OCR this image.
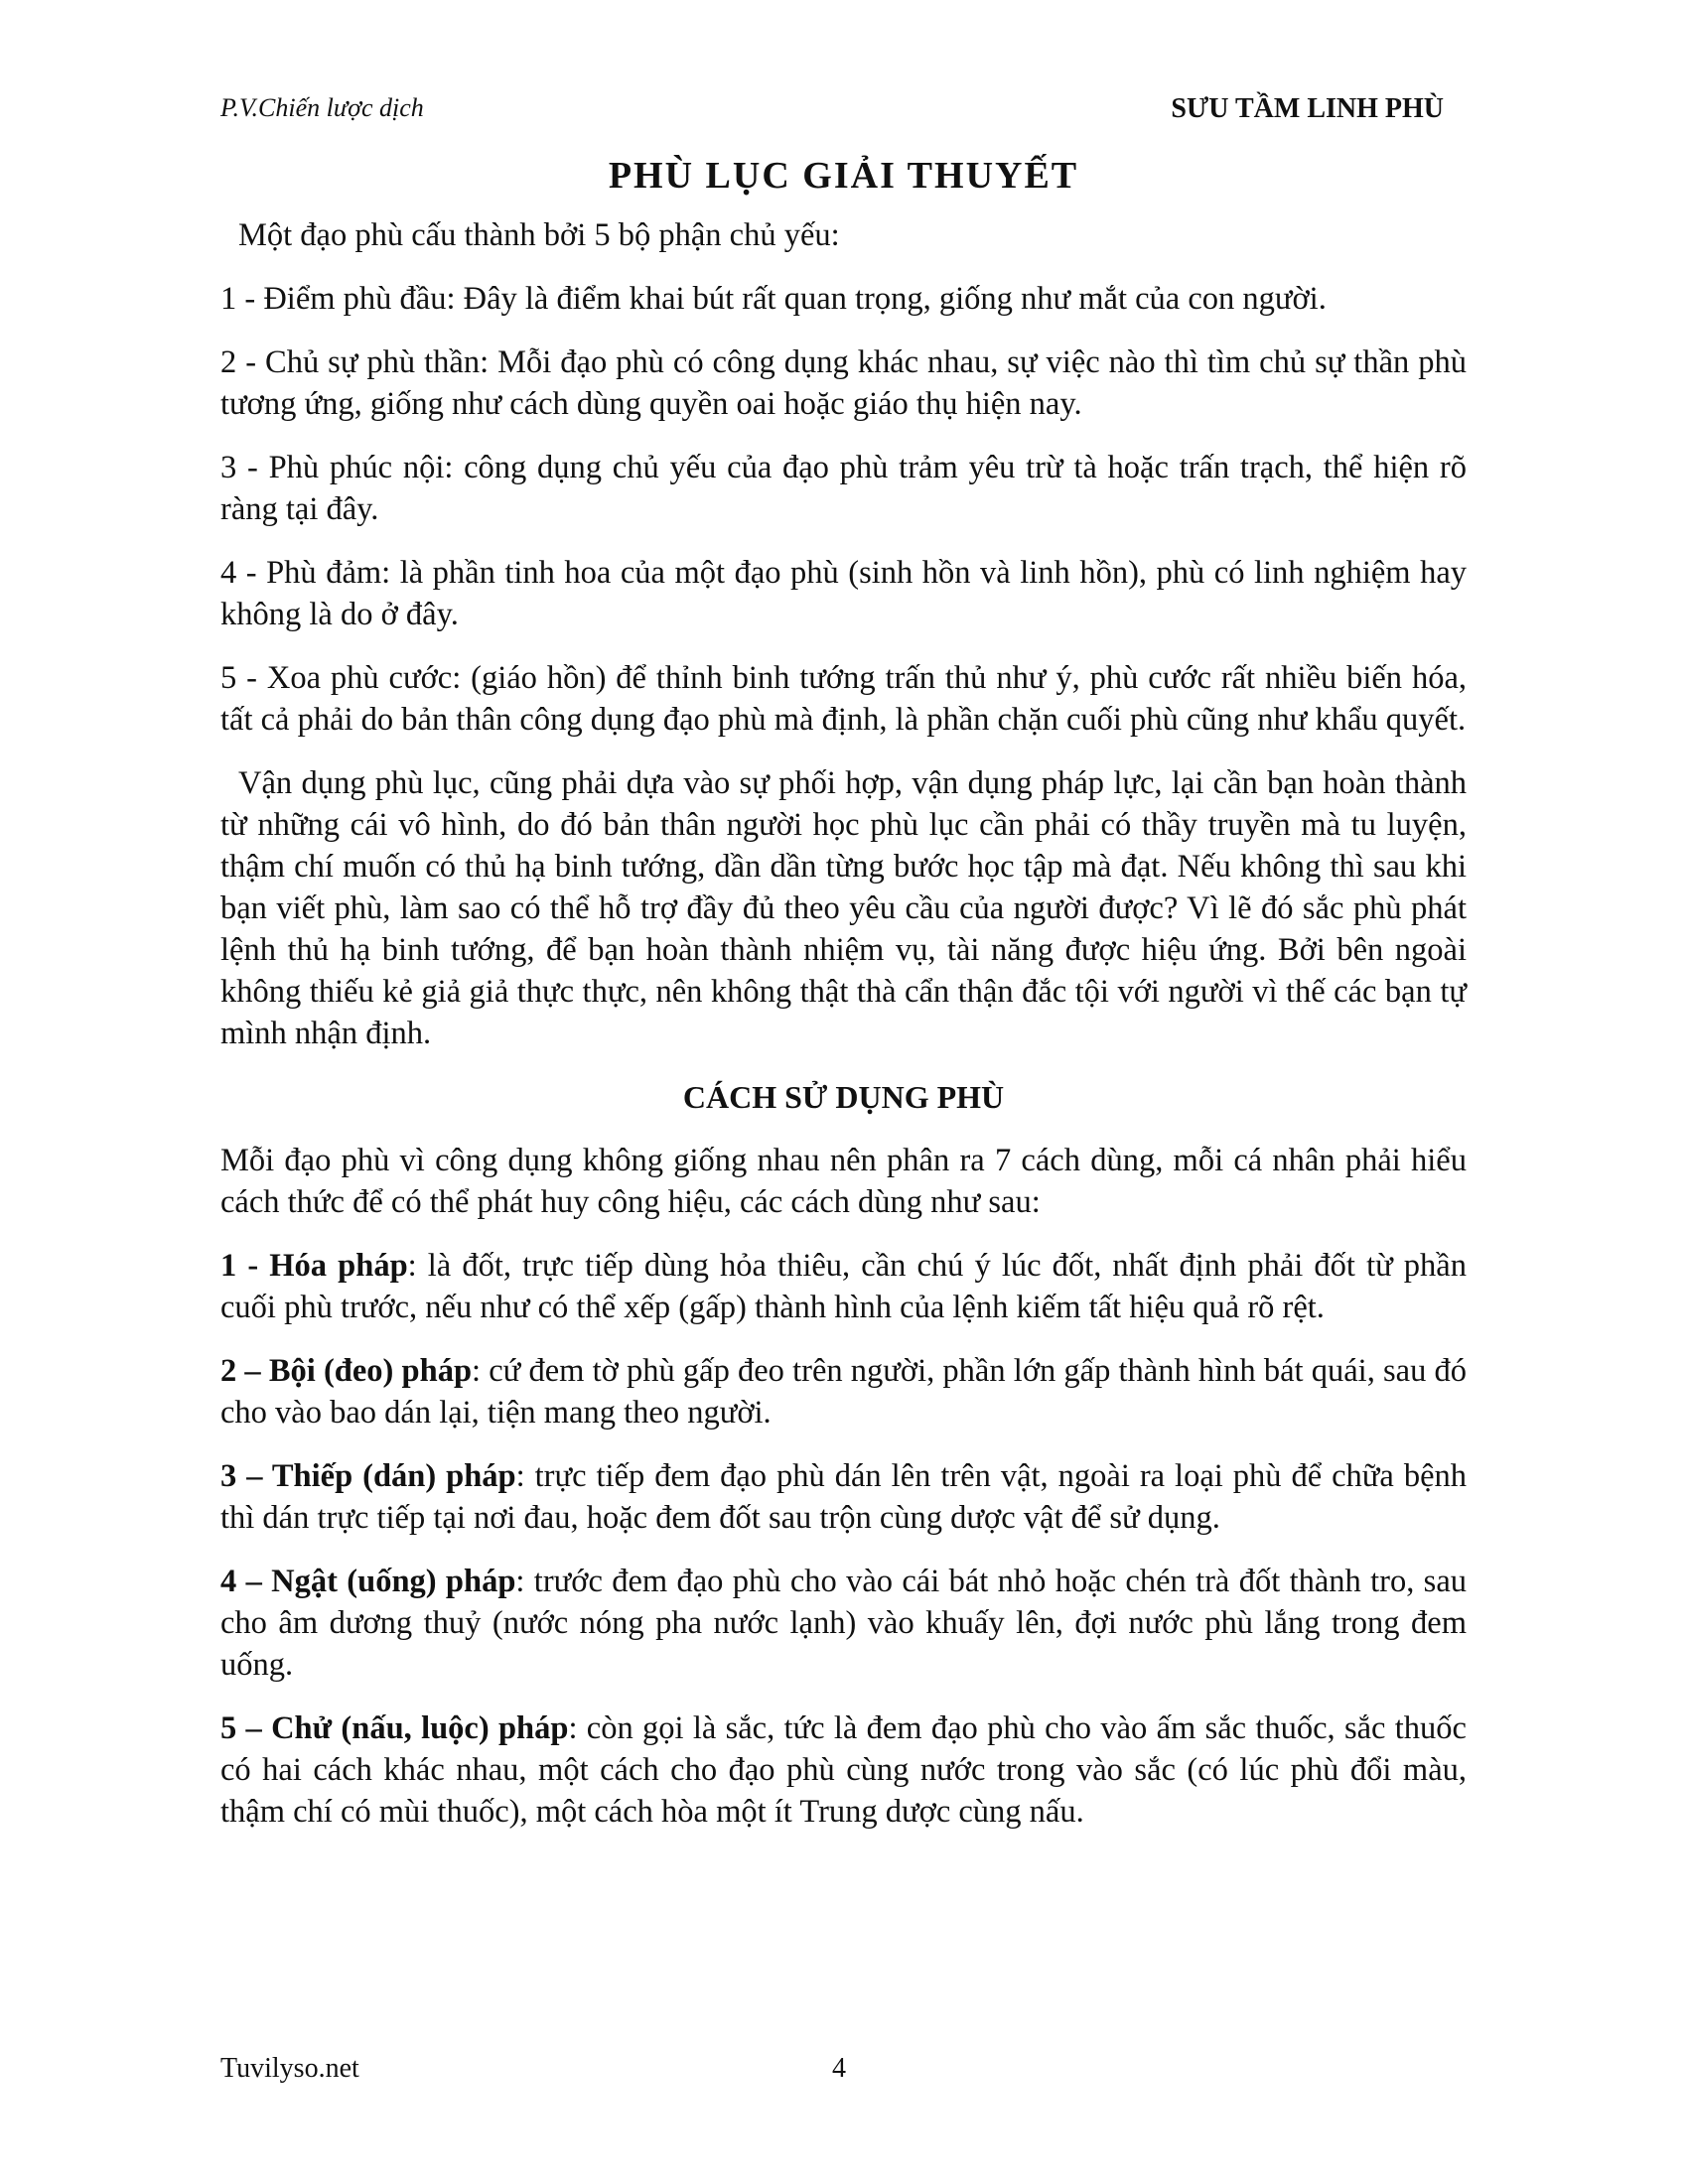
P.V.Chiến lược dịch	SƯU TẦM LINH PHÙ
PHÙ LỤC GIẢI THUYẾT

Một đạo phù cấu thành bởi 5 bộ phận chủ yếu:

1 - Điểm phù đầu: Đây là điểm khai bút rất quan trọng, giống như mắt của con người.

2 - Chủ sự phù thần: Mỗi đạo phù có công dụng khác nhau, sự việc nào thì tìm chủ sự thần phù tương ứng, giống như cách dùng quyền oai hoặc giáo thụ hiện nay.

3 - Phù phúc nội: công dụng chủ yếu của đạo phù trảm yêu trừ tà hoặc trấn trạch, thể hiện rõ ràng tại đây.

4 - Phù đảm: là phần tinh hoa của một đạo phù (sinh hồn và linh hồn), phù có linh nghiệm hay không là do ở đây.

5 - Xoa phù cước: (giáo hồn) để thỉnh binh tướng trấn thủ như ý, phù cước rất nhiều biến hóa, tất cả phải do bản thân công dụng đạo phù mà định, là phần chặn cuối phù cũng như khẩu quyết.

Vận dụng phù lục, cũng phải dựa vào sự phối hợp, vận dụng pháp lực, lại cần bạn hoàn thành từ những cái vô hình, do đó bản thân người học phù lục cần phải có thầy truyền mà tu luyện, thậm chí muốn có thủ hạ binh tướng, dần dần từng bước học tập mà đạt. Nếu không thì sau khi bạn viết phù, làm sao có thể hỗ trợ đầy đủ theo yêu cầu của người được? Vì lẽ đó sắc phù phát lệnh thủ hạ binh tướng, để bạn hoàn thành nhiệm vụ, tài năng được hiệu ứng. Bởi bên ngoài không thiếu kẻ giả giả thực thực, nên không thật thà cẩn thận đắc tội với người vì thế các bạn tự mình nhận định.

CÁCH SỬ DỤNG PHÙ

Mỗi đạo phù vì công dụng không giống nhau nên phân ra 7 cách dùng, mỗi cá nhân phải hiểu cách thức để có thể phát huy công hiệu, các cách dùng như sau:

1 - Hóa pháp: là đốt, trực tiếp dùng hỏa thiêu, cần chú ý lúc đốt, nhất định phải đốt từ phần cuối phù trước, nếu như có thể xếp (gấp) thành hình của lệnh kiếm tất hiệu quả rõ rệt.

2 – Bội (đeo) pháp: cứ đem tờ phù gấp đeo trên người, phần lớn gấp thành hình bát quái, sau đó cho vào bao dán lại, tiện mang theo người.

3 – Thiếp (dán) pháp: trực tiếp đem đạo phù dán lên trên vật, ngoài ra loại phù để chữa bệnh thì dán trực tiếp tại nơi đau, hoặc đem đốt sau trộn cùng dược vật để sử dụng.

4 – Ngật (uống) pháp: trước đem đạo phù cho vào cái bát nhỏ hoặc chén trà đốt thành tro, sau cho âm dương thuỷ (nước nóng pha nước lạnh) vào khuấy lên, đợi nước phù lắng trong đem uống.

5 – Chử (nấu, luộc) pháp: còn gọi là sắc, tức là đem đạo phù cho vào ấm sắc thuốc, sắc thuốc có hai cách khác nhau, một cách cho đạo phù cùng nước trong vào sắc (có lúc phù đổi màu, thậm chí có mùi thuốc), một cách hòa một ít Trung dược cùng nấu.

Tuvilyso.net	4
